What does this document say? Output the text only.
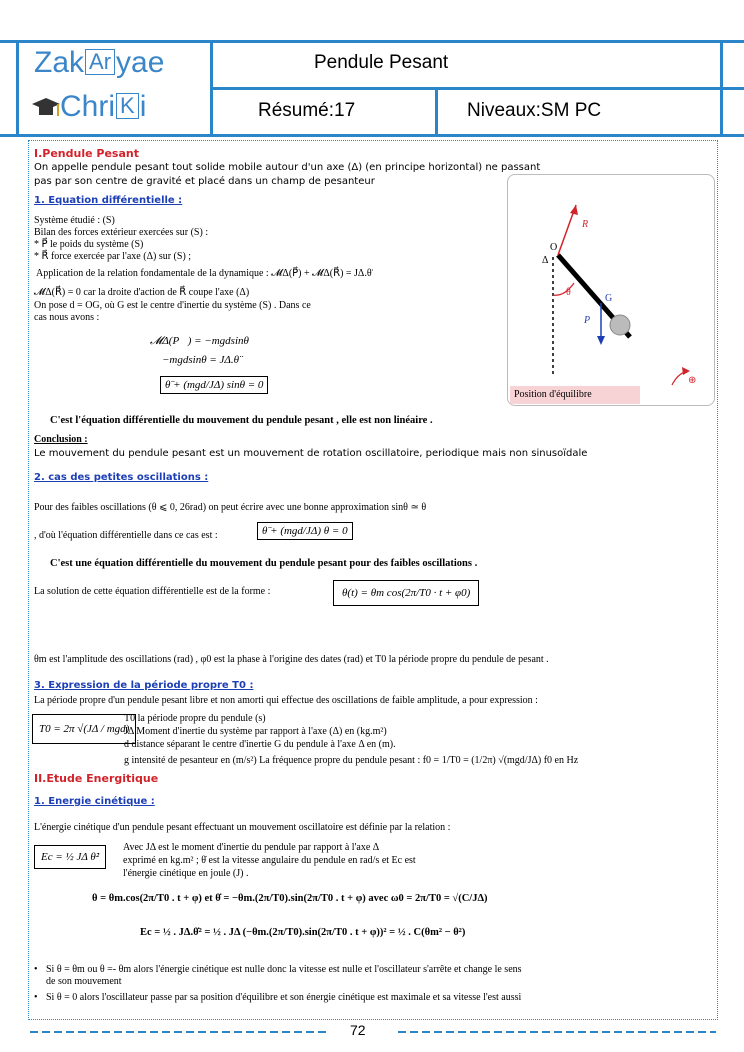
Zak Ar yae
Chri K i
Pendule Pesant
Résumé:17	Niveaux:SM PC
I.Pendule Pesant
On appelle pendule pesant tout solide mobile autour d'un axe (Δ) (en principe horizontal) ne passant
pas par son centre de gravité et placé dans un champ de pesanteur
1. Equation différentielle :
Système étudié : (S)
Bilan des forces extérieur exercées sur (S) :
* P⃗ le poids du système (S)
* R⃗ force exercée par l'axe (Δ) sur (S) ;
Application de la relation fondamentale de la dynamique : 𝓜Δ(P⃗) + 𝓜Δ(R⃗) = JΔ.θ̈
𝓜Δ(R⃗) = 0 car la droite d'action de R⃗ coupe l'axe (Δ)
On pose d = OG, où G est le centre d'inertie du système (S) . Dans ce
cas nous avons :
𝓜Δ(P⃗) = −mgdsinθ
−mgdsinθ = JΔ.θ̈
θ̈ + (mgd/JΔ) sinθ = 0
C'est l'équation différentielle du mouvement du pendule pesant , elle est non linéaire .
Conclusion :
Le mouvement du pendule pesant est un mouvement de rotation oscillatoire, periodique mais non sinusoïdale
O
Δ
R⃗
θ
G
P⃗
⊕
Position d'équilibre
2. cas des petites oscillations :
Pour des faibles oscillations (θ ⩽ 0, 26rad) on peut écrire avec une bonne approximation sinθ ≃ θ
, d'où l'équation différentielle dans ce cas est :	θ̈ + (mgd/JΔ) θ = 0
C'est une équation différentielle du mouvement du pendule pesant pour des faibles oscillations .
La solution de cette équation différentielle est de la forme :	θ(t) = θm cos(2π/T0 · t + φ0)
θm est l'amplitude des oscillations (rad) , φ0 est la phase à l'origine des dates (rad) et T0 la période propre du pendule de pesant .
3. Expression de la période propre T0 :
La période propre d'un pendule pesant libre et non amorti qui effectue des oscillations de faible amplitude, a pour expression :
T0 = 2π √(JΔ / mgd)
T0 la période propre du pendule (s)
JΔ Moment d'inertie du système par rapport à l'axe (Δ) en (kg.m²)
d distance séparant le centre d'inertie G du pendule à l'axe Δ en (m).
g intensité de pesanteur en (m/s²) La fréquence propre du pendule pesant : f0 = 1/T0 = (1/2π) √(mgd/JΔ) f0 en Hz
II.Etude Energitique
1. Energie cinétique :
L'énergie cinétique d'un pendule pesant effectuant un mouvement oscillatoire est définie par la relation :
Ec = ½ JΔ θ̇²
Avec JΔ est le moment d'inertie du pendule par rapport à l'axe Δ
exprimé en kg.m² ; θ̇ est la vitesse angulaire du pendule en rad/s et Ec est
l'énergie cinétique en joule (J) .
θ = θm.cos(2π/T0 . t + φ) et θ̇ = −θm.(2π/T0).sin(2π/T0 . t + φ) avec ω0 = 2π/T0 = √(C/JΔ)
Ec = ½ . JΔ.θ̇² = ½ . JΔ (−θm.(2π/T0).sin(2π/T0 . t + φ))² = ½ . C(θm² − θ²)
• Si θ = θm ou θ =- θm alors l'énergie cinétique est nulle donc la vitesse est nulle et l'oscillateur s'arrête et change le sens
de son mouvement
• Si θ = 0 alors l'oscillateur passe par sa position d'équilibre et son énergie cinétique est maximale et sa vitesse l'est aussi
72
